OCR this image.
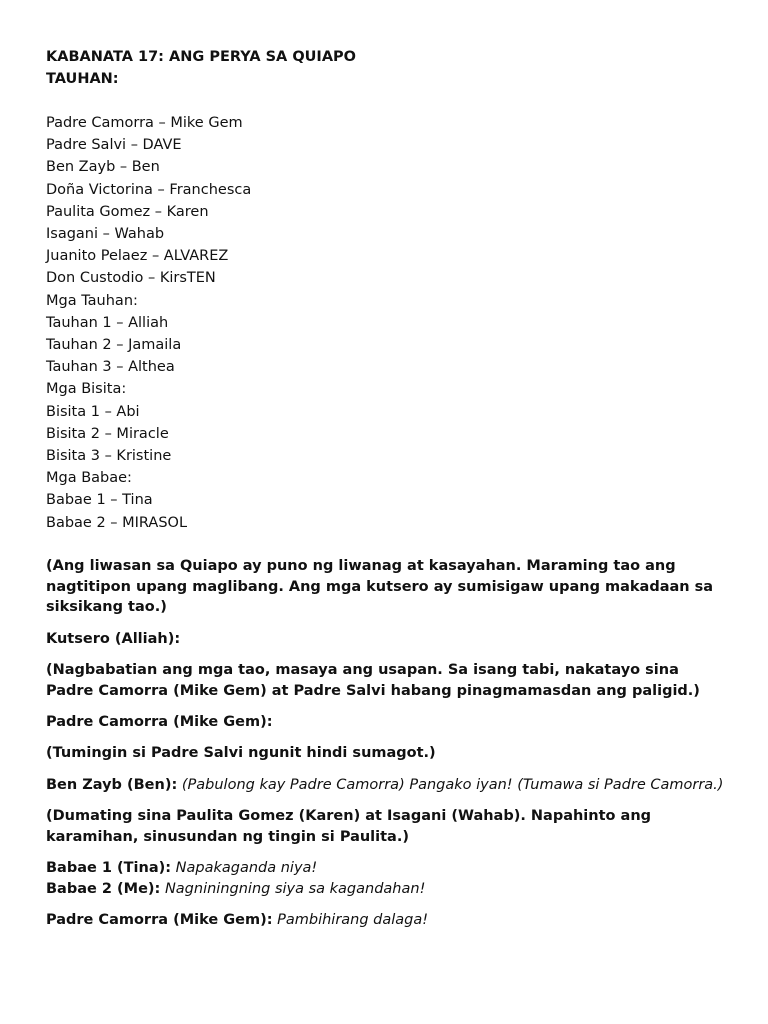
KABANATA 17: ANG PERYA SA QUIAPO
TAUHAN:
Padre Camorra – Mike Gem
Padre Salvi – DAVE
Ben Zayb – Ben
Doña Victorina – Franchesca
Paulita Gomez – Karen
Isagani – Wahab
Juanito Pelaez – ALVAREZ
Don Custodio – KirsTEN
Mga Tauhan:
Tauhan 1 – Alliah
Tauhan 2 – Jamaila
Tauhan 3 – Althea
Mga Bisita:
Bisita 1 – Abi
Bisita 2 – Miracle
Bisita 3 – Kristine
Mga Babae:
Babae 1 – Tina
Babae 2 – MIRASOL
(Ang liwasan sa Quiapo ay puno ng liwanag at kasayahan. Maraming tao ang nagtitipon upang maglibang. Ang mga kutsero ay sumisigaw upang makadaan sa siksikang tao.)
Kutsero (Alliah):
(Nagbabatian ang mga tao, masaya ang usapan. Sa isang tabi, nakatayo sina Padre Camorra (Mike Gem) at Padre Salvi habang pinagmamasdan ang paligid.)
Padre Camorra (Mike Gem):
(Tumingin si Padre Salvi ngunit hindi sumagot.)
Ben Zayb (Ben): (Pabulong kay Padre Camorra) Pangako iyan! (Tumawa si Padre Camorra.)
(Dumating sina Paulita Gomez (Karen) at Isagani (Wahab). Napahinto ang karamihan, sinusundan ng tingin si Paulita.)
Babae 1 (Tina): Napakaganda niya!
Babae 2 (Me): Nagniningning siya sa kagandahan!
Padre Camorra (Mike Gem): Pambihirang dalaga!
